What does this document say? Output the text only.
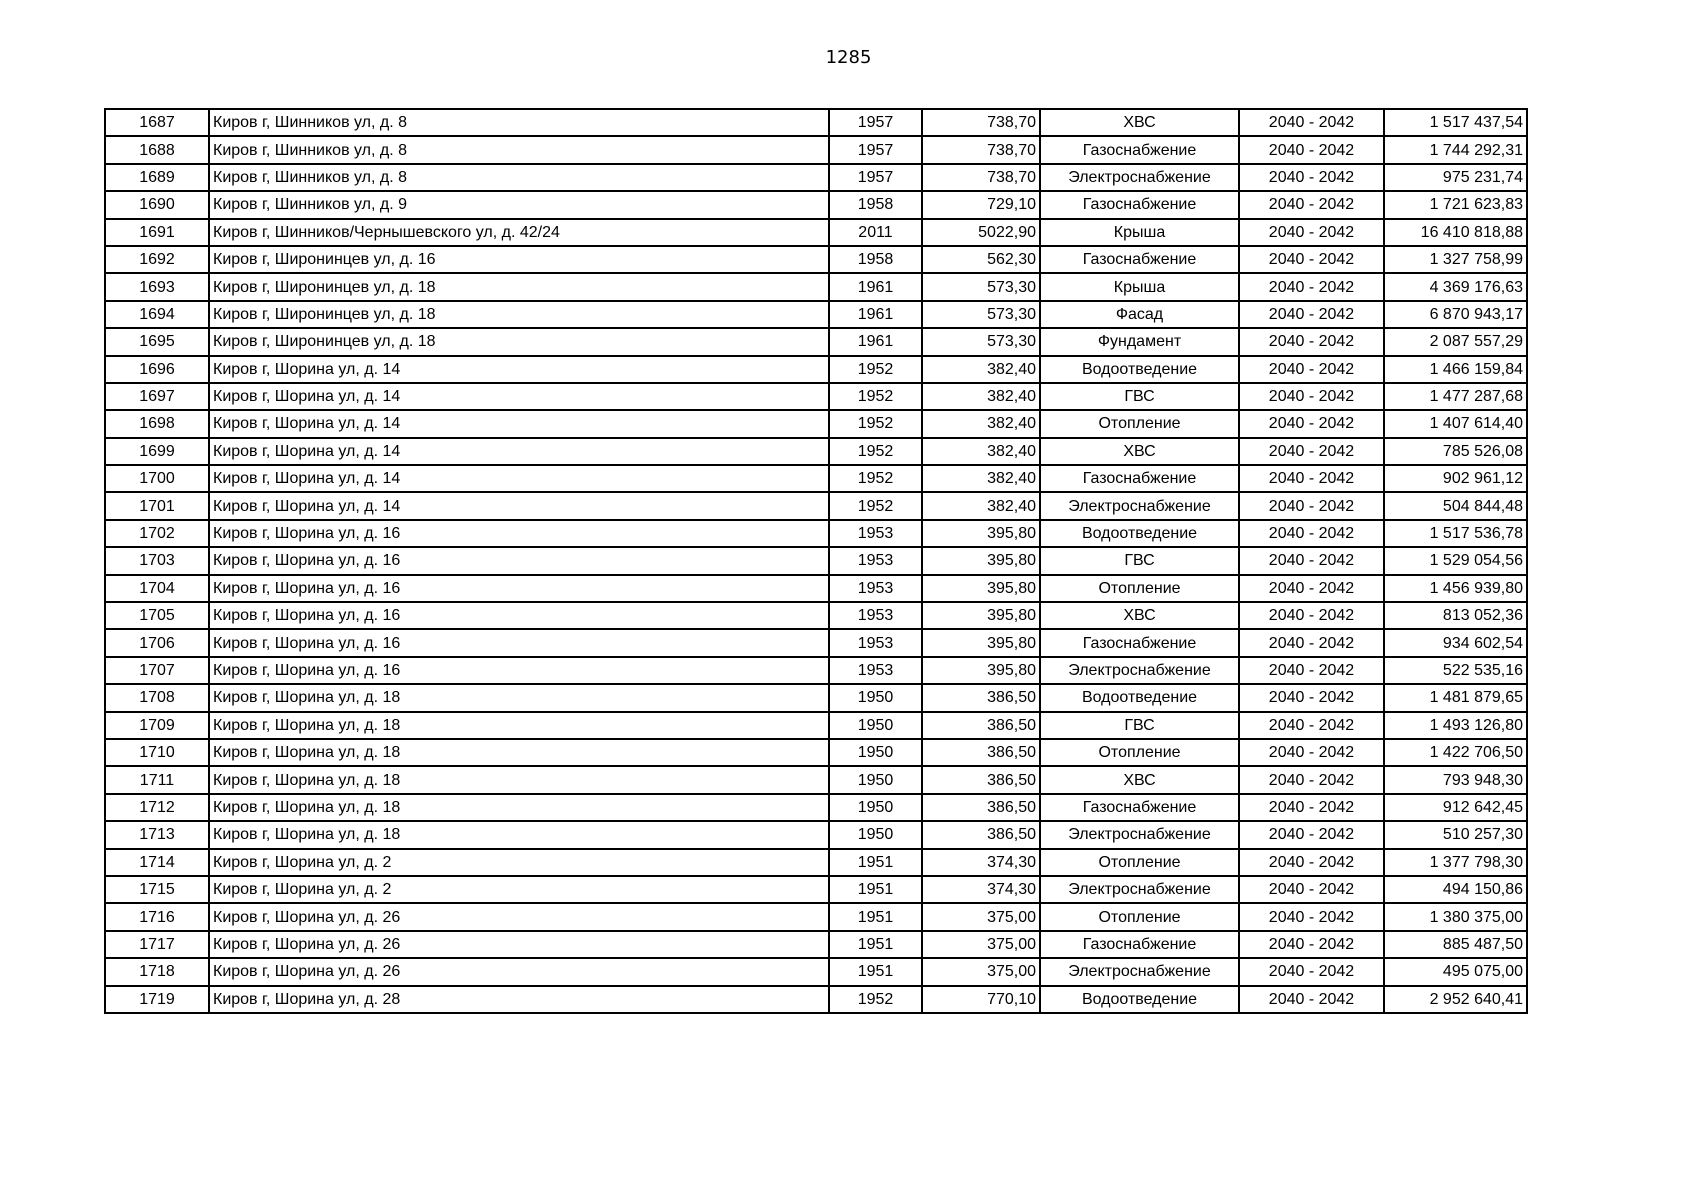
1285
1687	Киров г, Шинников ул, д. 8	1957	738,70	ХВС	2040 - 2042	1 517 437,54
1688	Киров г, Шинников ул, д. 8	1957	738,70	Газоснабжение	2040 - 2042	1 744 292,31
1689	Киров г, Шинников ул, д. 8	1957	738,70	Электроснабжение	2040 - 2042	975 231,74
1690	Киров г, Шинников ул, д. 9	1958	729,10	Газоснабжение	2040 - 2042	1 721 623,83
1691	Киров г, Шинников/Чернышевского ул, д. 42/24	2011	5022,90	Крыша	2040 - 2042	16 410 818,88
1692	Киров г, Широнинцев ул, д. 16	1958	562,30	Газоснабжение	2040 - 2042	1 327 758,99
1693	Киров г, Широнинцев ул, д. 18	1961	573,30	Крыша	2040 - 2042	4 369 176,63
1694	Киров г, Широнинцев ул, д. 18	1961	573,30	Фасад	2040 - 2042	6 870 943,17
1695	Киров г, Широнинцев ул, д. 18	1961	573,30	Фундамент	2040 - 2042	2 087 557,29
1696	Киров г, Шорина ул, д. 14	1952	382,40	Водоотведение	2040 - 2042	1 466 159,84
1697	Киров г, Шорина ул, д. 14	1952	382,40	ГВС	2040 - 2042	1 477 287,68
1698	Киров г, Шорина ул, д. 14	1952	382,40	Отопление	2040 - 2042	1 407 614,40
1699	Киров г, Шорина ул, д. 14	1952	382,40	ХВС	2040 - 2042	785 526,08
1700	Киров г, Шорина ул, д. 14	1952	382,40	Газоснабжение	2040 - 2042	902 961,12
1701	Киров г, Шорина ул, д. 14	1952	382,40	Электроснабжение	2040 - 2042	504 844,48
1702	Киров г, Шорина ул, д. 16	1953	395,80	Водоотведение	2040 - 2042	1 517 536,78
1703	Киров г, Шорина ул, д. 16	1953	395,80	ГВС	2040 - 2042	1 529 054,56
1704	Киров г, Шорина ул, д. 16	1953	395,80	Отопление	2040 - 2042	1 456 939,80
1705	Киров г, Шорина ул, д. 16	1953	395,80	ХВС	2040 - 2042	813 052,36
1706	Киров г, Шорина ул, д. 16	1953	395,80	Газоснабжение	2040 - 2042	934 602,54
1707	Киров г, Шорина ул, д. 16	1953	395,80	Электроснабжение	2040 - 2042	522 535,16
1708	Киров г, Шорина ул, д. 18	1950	386,50	Водоотведение	2040 - 2042	1 481 879,65
1709	Киров г, Шорина ул, д. 18	1950	386,50	ГВС	2040 - 2042	1 493 126,80
1710	Киров г, Шорина ул, д. 18	1950	386,50	Отопление	2040 - 2042	1 422 706,50
1711	Киров г, Шорина ул, д. 18	1950	386,50	ХВС	2040 - 2042	793 948,30
1712	Киров г, Шорина ул, д. 18	1950	386,50	Газоснабжение	2040 - 2042	912 642,45
1713	Киров г, Шорина ул, д. 18	1950	386,50	Электроснабжение	2040 - 2042	510 257,30
1714	Киров г, Шорина ул, д. 2	1951	374,30	Отопление	2040 - 2042	1 377 798,30
1715	Киров г, Шорина ул, д. 2	1951	374,30	Электроснабжение	2040 - 2042	494 150,86
1716	Киров г, Шорина ул, д. 26	1951	375,00	Отопление	2040 - 2042	1 380 375,00
1717	Киров г, Шорина ул, д. 26	1951	375,00	Газоснабжение	2040 - 2042	885 487,50
1718	Киров г, Шорина ул, д. 26	1951	375,00	Электроснабжение	2040 - 2042	495 075,00
1719	Киров г, Шорина ул, д. 28	1952	770,10	Водоотведение	2040 - 2042	2 952 640,41
